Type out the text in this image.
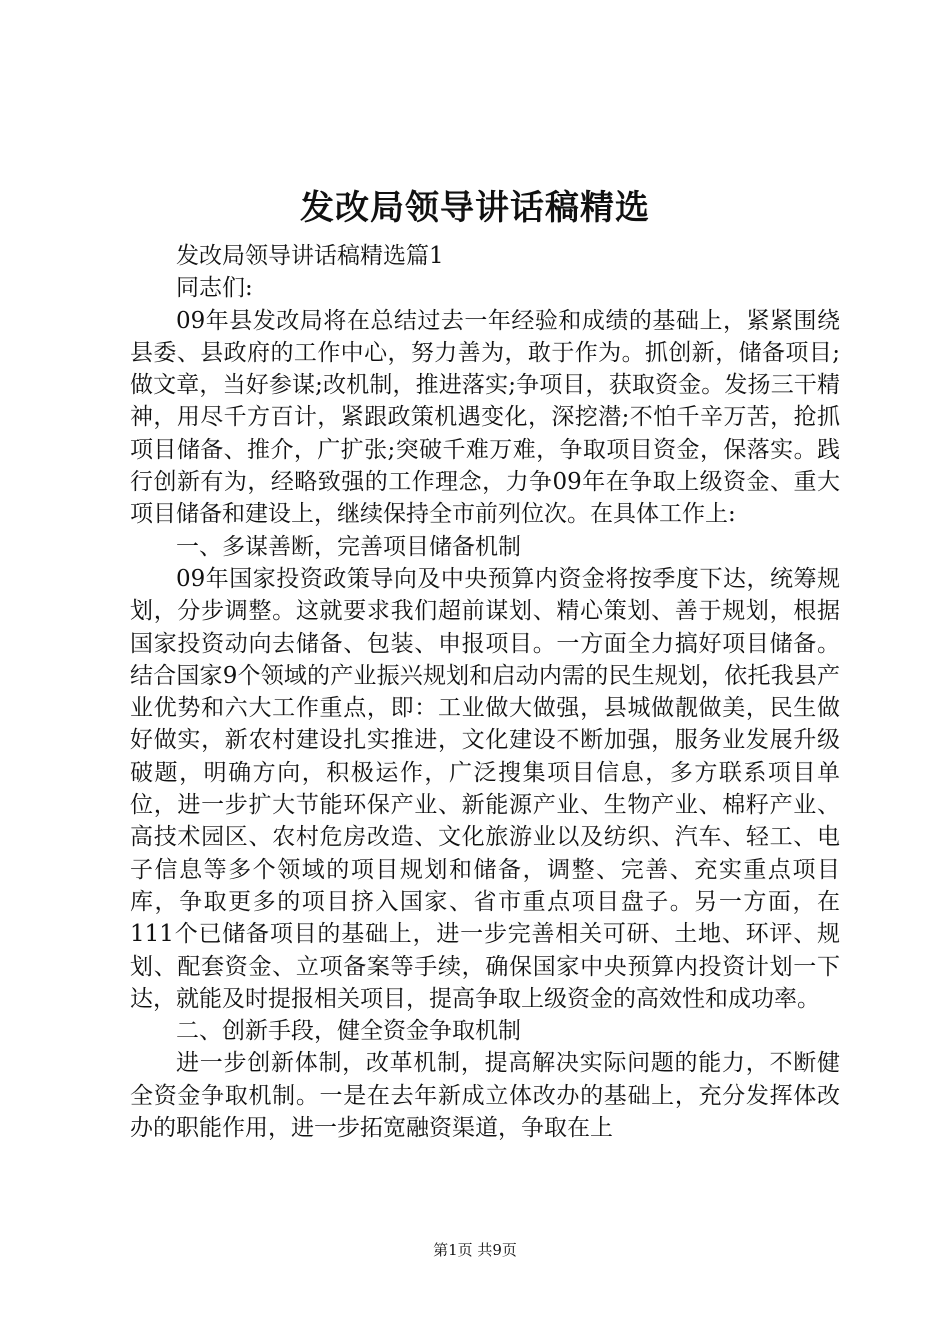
发改局领导讲话稿精选

发改局领导讲话稿精选篇1

同志们:

09年县发改局将在总结过去一年经验和成绩的基础上，紧紧围绕县委、县政府的工作中心，努力善为，敢于作为。抓创新，储备项目;做文章，当好参谋;改机制，推进落实;争项目，获取资金。发扬三干精神，用尽千方百计，紧跟政策机遇变化，深挖潜;不怕千辛万苦，抢抓项目储备、推介，广扩张;突破千难万难，争取项目资金，保落实。践行创新有为，经略致强的工作理念，力争09年在争取上级资金、重大项目储备和建设上，继续保持全市前列位次。在具体工作上:

一、多谋善断，完善项目储备机制

09年国家投资政策导向及中央预算内资金将按季度下达，统筹规划，分步调整。这就要求我们超前谋划、精心策划、善于规划，根据国家投资动向去储备、包装、申报项目。一方面全力搞好项目储备。结合国家9个领域的产业振兴规划和启动内需的民生规划，依托我县产业优势和六大工作重点，即：工业做大做强，县城做靓做美，民生做好做实，新农村建设扎实推进，文化建设不断加强，服务业发展升级破题，明确方向，积极运作，广泛搜集项目信息，多方联系项目单位，进一步扩大节能环保产业、新能源产业、生物产业、棉籽产业、高技术园区、农村危房改造、文化旅游业以及纺织、汽车、轻工、电子信息等多个领域的项目规划和储备，调整、完善、充实重点项目库，争取更多的项目挤入国家、省市重点项目盘子。另一方面，在111个已储备项目的基础上，进一步完善相关可研、土地、环评、规划、配套资金、立项备案等手续，确保国家中央预算内投资计划一下达，就能及时提报相关项目，提高争取上级资金的高效性和成功率。

二、创新手段，健全资金争取机制

进一步创新体制，改革机制，提高解决实际问题的能力，不断健全资金争取机制。一是在去年新成立体改办的基础上，充分发挥体改办的职能作用，进一步拓宽融资渠道，争取在上

第1页 共9页
